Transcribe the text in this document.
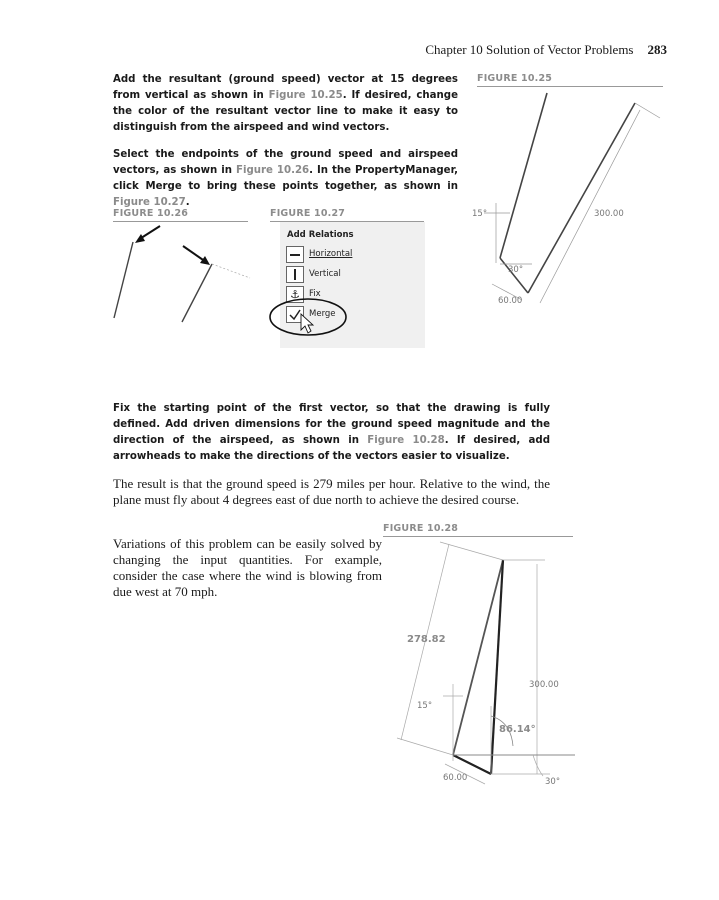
Chapter 10 Solution of Vector Problems 283
Add the resultant (ground speed) vector at 15 degrees from vertical as shown in Figure 10.25. If desired, change the color of the resultant vector line to make it easy to distinguish from the airspeed and wind vectors.
Select the endpoints of the ground speed and airspeed vectors, as shown in Figure 10.26. In the PropertyManager, click Merge to bring these points together, as shown in Figure 10.27.
FIGURE 10.25
15°	300.00
30°
60.00
FIGURE 10.26	FIGURE 10.27
Add Relations
Horizontal
Vertical
⚓	Fix
Merge
Fix the starting point of the first vector, so that the drawing is fully defined. Add driven dimensions for the ground speed magnitude and the direction of the airspeed, as shown in Figure 10.28. If desired, add arrowheads to make the directions of the vectors easier to visualize.
The result is that the ground speed is 279 miles per hour. Relative to the wind, the plane must fly about 4 degrees east of due north to achieve the desired course.
FIGURE 10.28
Variations of this problem can be easily solved by changing the input quantities. For example, consider the case where the wind is blowing from due west at 70 mph.
278.82
300.00
15°
86.14°
60.00	30°
